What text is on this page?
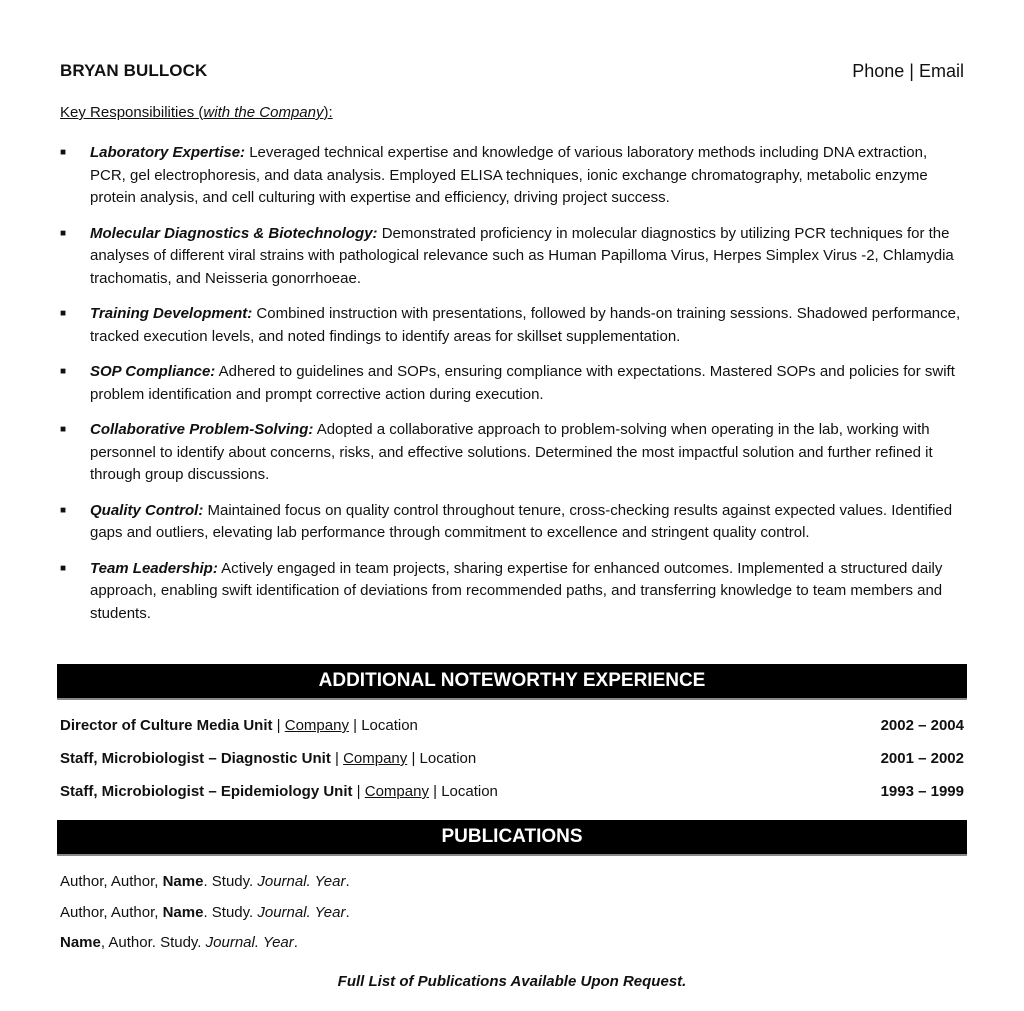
BRYAN BULLOCK	Phone | Email
Key Responsibilities (with the Company):
■ Laboratory Expertise: Leveraged technical expertise and knowledge of various laboratory methods including DNA extraction, PCR, gel electrophoresis, and data analysis. Employed ELISA techniques, ionic exchange chromatography, metabolic enzyme protein analysis, and cell culturing with expertise and efficiency, driving project success.
■ Molecular Diagnostics & Biotechnology: Demonstrated proficiency in molecular diagnostics by utilizing PCR techniques for the analyses of different viral strains with pathological relevance such as Human Papilloma Virus, Herpes Simplex Virus -2, Chlamydia trachomatis, and Neisseria gonorrhoeae.
■ Training Development: Combined instruction with presentations, followed by hands-on training sessions. Shadowed performance, tracked execution levels, and noted findings to identify areas for skillset supplementation.
■ SOP Compliance: Adhered to guidelines and SOPs, ensuring compliance with expectations. Mastered SOPs and policies for swift problem identification and prompt corrective action during execution.
■ Collaborative Problem-Solving: Adopted a collaborative approach to problem-solving when operating in the lab, working with personnel to identify about concerns, risks, and effective solutions. Determined the most impactful solution and further refined it through group discussions.
■ Quality Control: Maintained focus on quality control throughout tenure, cross-checking results against expected values. Identified gaps and outliers, elevating lab performance through commitment to excellence and stringent quality control.
■ Team Leadership: Actively engaged in team projects, sharing expertise for enhanced outcomes. Implemented a structured daily approach, enabling swift identification of deviations from recommended paths, and transferring knowledge to team members and students.
ADDITIONAL NOTEWORTHY EXPERIENCE
Director of Culture Media Unit | Company | Location	2002 – 2004
Staff, Microbiologist – Diagnostic Unit | Company | Location	2001 – 2002
Staff, Microbiologist – Epidemiology Unit | Company | Location	1993 – 1999
PUBLICATIONS
Author, Author, Name. Study. Journal. Year.
Author, Author, Name. Study. Journal. Year.
Name, Author. Study. Journal. Year.
Full List of Publications Available Upon Request.
